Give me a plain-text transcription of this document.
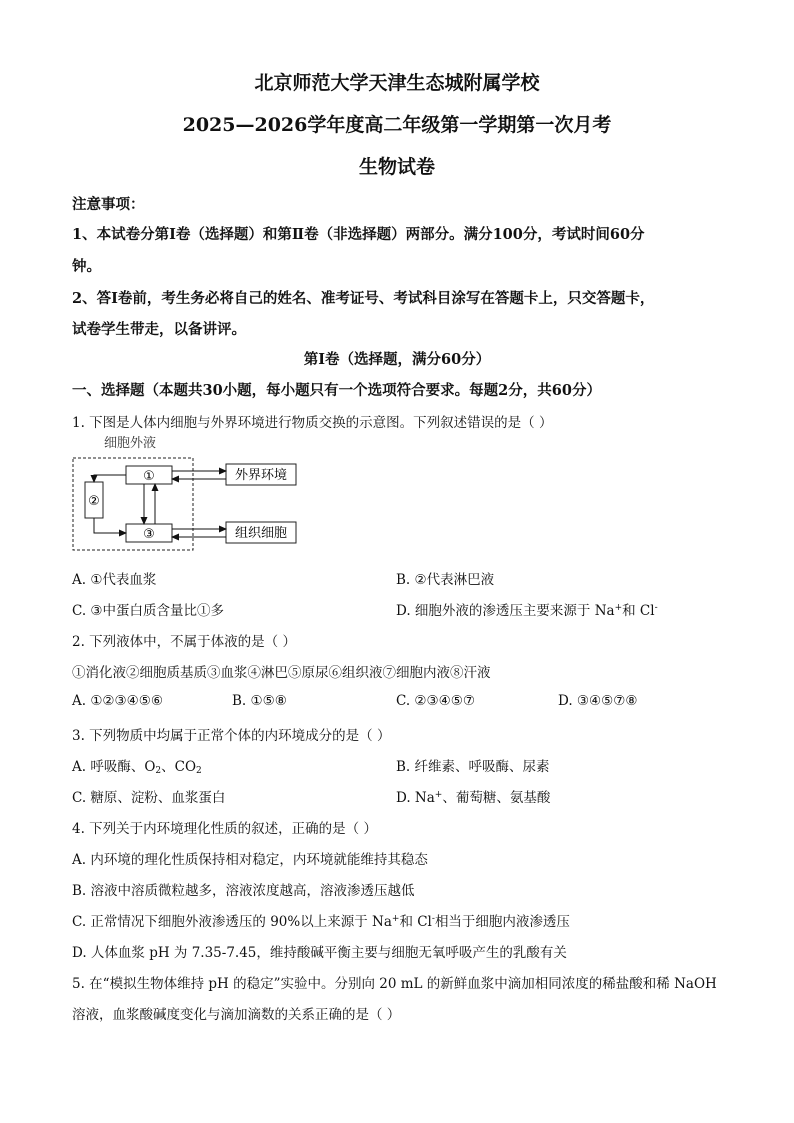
北京师范大学天津生态城附属学校
2025—2026学年度高二年级第一学期第一次月考
生物试卷
注意事项：
1、本试卷分第Ⅰ卷（选择题）和第Ⅱ卷（非选择题）两部分。满分100分，考试时间60分
钟。
2、答Ⅰ卷前，考生务必将自己的姓名、准考证号、考试科目涂写在答题卡上，只交答题卡，
试卷学生带走，以备讲评。
第Ⅰ卷（选择题，满分60分）
一、选择题（本题共30小题，每小题只有一个选项符合要求。每题2分，共60分）
1. 下图是人体内细胞与外界环境进行物质交换的示意图。下列叙述错误的是（ ）
细胞外液
①
②
③
外界环境
组织细胞
A. ①代表血浆	B. ②代表淋巴液
C. ③中蛋白质含量比①多	D. 细胞外液的渗透压主要来源于 Na+和 Cl-
2. 下列液体中，不属于体液的是（ ）
①消化液②细胞质基质③血浆④淋巴⑤原尿⑥组织液⑦细胞内液⑧汗液
A. ①②③④⑤⑥	B. ①⑤⑧	C. ②③④⑤⑦	D. ③④⑤⑦⑧
3. 下列物质中均属于正常个体的内环境成分的是（ ）
A. 呼吸酶、$O_2$、$CO_2$	B. 纤维素、呼吸酶、尿素
C. 糖原、淀粉、血浆蛋白	D. Na+、葡萄糖、氨基酸
4. 下列关于内环境理化性质的叙述，正确的是（ ）
A. 内环境的理化性质保持相对稳定，内环境就能维持其稳态
B. 溶液中溶质微粒越多，溶液浓度越高，溶液渗透压越低
C. 正常情况下细胞外液渗透压的 90%以上来源于 Na+和 Cl-相当于细胞内液渗透压
D. 人体血浆 pH 为 7.35-7.45，维持酸碱平衡主要与细胞无氧呼吸产生的乳酸有关
5. 在“模拟生物体维持 pH 的稳定”实验中。分别向 20 mL 的新鲜血浆中滴加相同浓度的稀盐酸和稀 NaOH
溶液，血浆酸碱度变化与滴加滴数的关系正确的是（ ）
